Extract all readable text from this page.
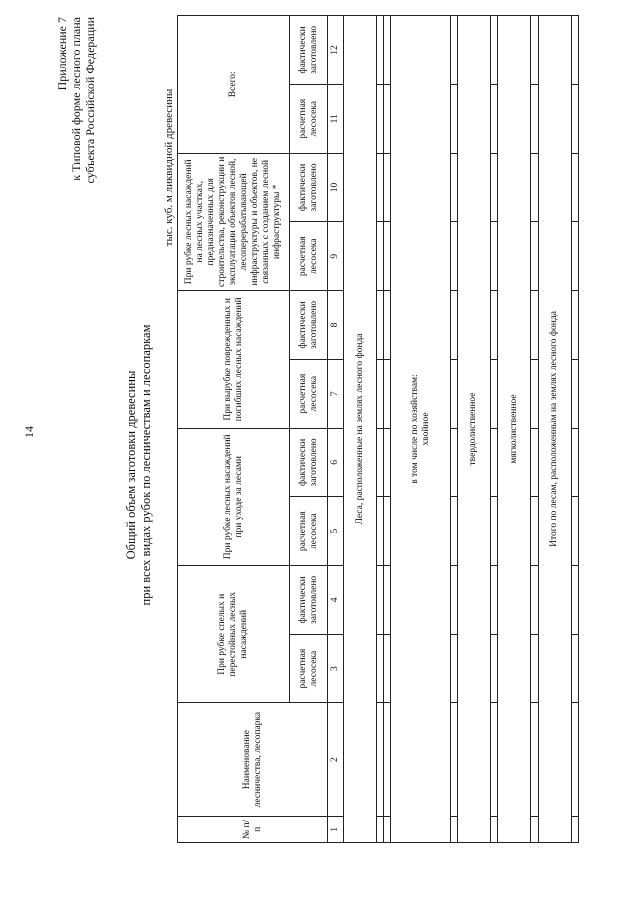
14
Приложение 7 к Типовой форме лесного плана субъекта Российской Федерации
Общий объем заготовки древесины при всех видах рубок по лесничествам и лесопаркам
тыс. куб. м ликвидной древесины
№ п/п	Наименование лесничества, лесопарка	При рубке спелых и перестойных лесных насаждений		При рубке лесных насаждений при уходе за лесами		При вырубке поврежденных и погибших лесных насаждений		При рубке лесных насаждений на лесных участках, предназначенных для строительства, реконструкции и эксплуатации объектов лесной, лесоперерабатывающей инфраструктуры и объектов, не связанных с созданием лесной инфраструктуры *		Всего:	
		расчетная лесосека	фактически заготовлено	расчетная лесосека	фактически заготовлено	расчетная лесосека	фактически заготовлено	расчетная лесосека	фактически заготовлено	расчетная лесосека	фактически заготовлено
1	2	3	4	5	6	7	8	9	10	11	12
Леса, расположенные на землях лесного фонда											

в том числе по хозяйствам: хвойное											

твердолиственное											

мягколиственное											

Итого по лесам, расположенным на землях лесного фонда											
